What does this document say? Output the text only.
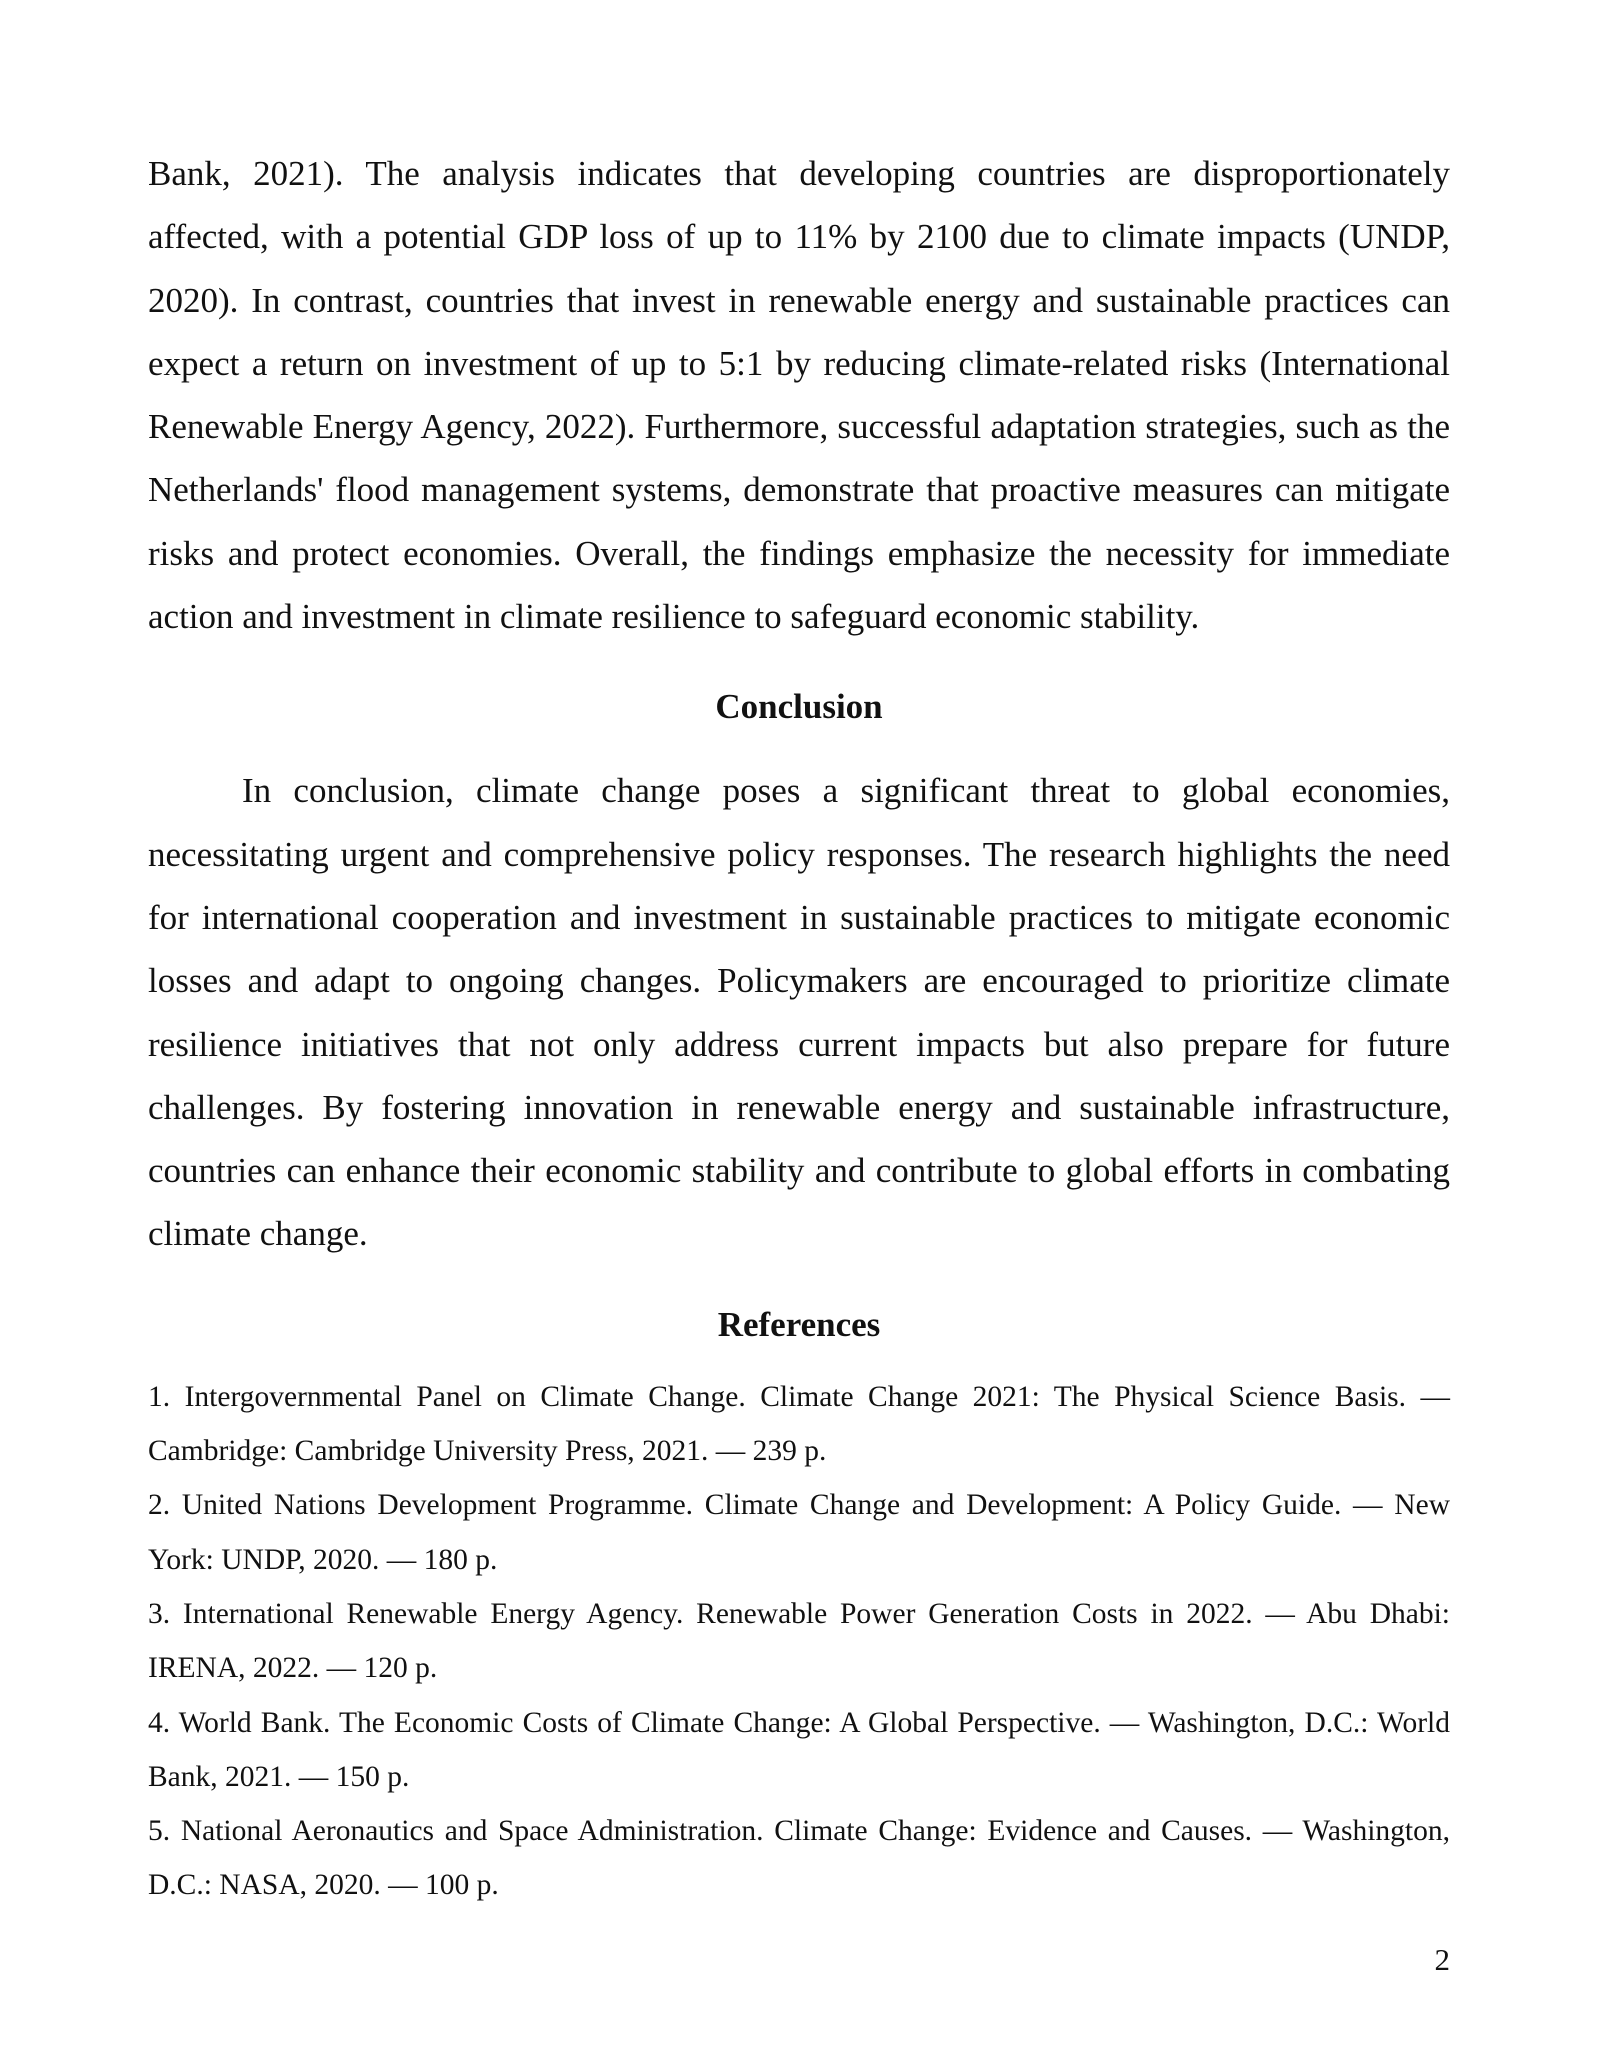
Bank, 2021). The analysis indicates that developing countries are disproportionately affected, with a potential GDP loss of up to 11% by 2100 due to climate impacts (UNDP, 2020). In contrast, countries that invest in renewable energy and sustainable practices can expect a return on investment of up to 5:1 by reducing climate-related risks (International Renewable Energy Agency, 2022). Furthermore, successful adaptation strategies, such as the Netherlands' flood management systems, demonstrate that proactive measures can mitigate risks and protect economies. Overall, the findings emphasize the necessity for immediate action and investment in climate resilience to safeguard economic stability.

Conclusion

In conclusion, climate change poses a significant threat to global economies, necessitating urgent and comprehensive policy responses. The research highlights the need for international cooperation and investment in sustainable practices to mitigate economic losses and adapt to ongoing changes. Policymakers are encouraged to prioritize climate resilience initiatives that not only address current impacts but also prepare for future challenges. By fostering innovation in renewable energy and sustainable infrastructure, countries can enhance their economic stability and contribute to global efforts in combating climate change.

References
1. Intergovernmental Panel on Climate Change. Climate Change 2021: The Physical Science Basis. — Cambridge: Cambridge University Press, 2021. — 239 p.
2. United Nations Development Programme. Climate Change and Development: A Policy Guide. — New York: UNDP, 2020. — 180 p.
3. International Renewable Energy Agency. Renewable Power Generation Costs in 2022. — Abu Dhabi: IRENA, 2022. — 120 p.
4. World Bank. The Economic Costs of Climate Change: A Global Perspective. — Washington, D.C.: World Bank, 2021. — 150 p.
5. National Aeronautics and Space Administration. Climate Change: Evidence and Causes. — Washington, D.C.: NASA, 2020. — 100 p.
2
